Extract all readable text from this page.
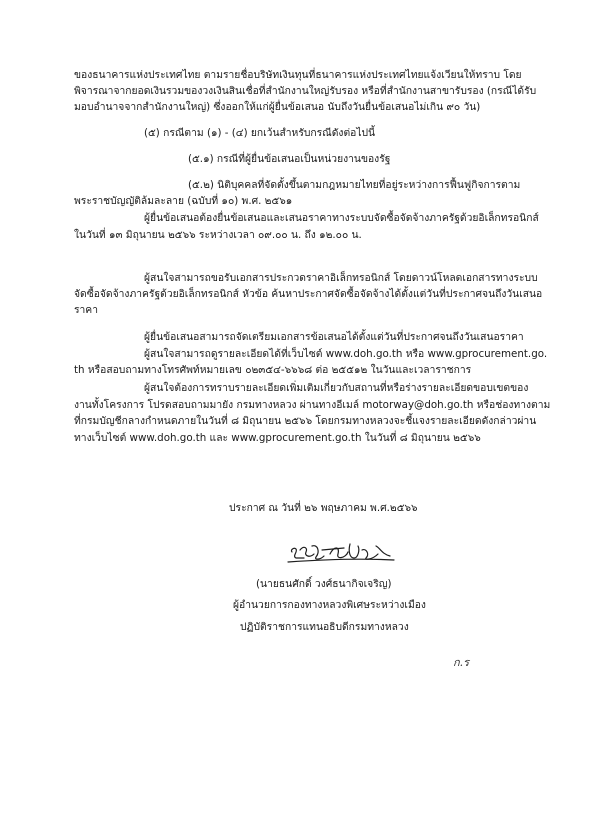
ของธนาคารแห่งประเทศไทย ตามรายชื่อบริษัทเงินทุนที่ธนาคารแห่งประเทศไทยแจ้งเวียนให้ทราบ โดย
พิจารณาจากยอดเงินรวมของวงเงินสินเชื่อที่สำนักงานใหญ่รับรอง หรือที่สำนักงานสาขารับรอง (กรณีได้รับ
มอบอำนาจจากสำนักงานใหญ่) ซึ่งออกให้แก่ผู้ยื่นข้อเสนอ นับถึงวันยื่นข้อเสนอไม่เกิน ๙๐ วัน)
(๕) กรณีตาม (๑) - (๔) ยกเว้นสำหรับกรณีดังต่อไปนี้
(๕.๑) กรณีที่ผู้ยื่นข้อเสนอเป็นหน่วยงานของรัฐ
(๕.๒) นิติบุคคลที่จัดตั้งขึ้นตามกฎหมายไทยที่อยู่ระหว่างการฟื้นฟูกิจการตาม
พระราชบัญญัติล้มละลาย (ฉบับที่ ๑๐) พ.ศ. ๒๕๖๑
ผู้ยื่นข้อเสนอต้องยื่นข้อเสนอและเสนอราคาทางระบบจัดซื้อจัดจ้างภาครัฐด้วยอิเล็กทรอนิกส์
ในวันที่ ๑๓ มิถุนายน ๒๕๖๖ ระหว่างเวลา ๐๙.๐๐ น. ถึง ๑๒.๐๐ น.
ผู้สนใจสามารถขอรับเอกสารประกวดราคาอิเล็กทรอนิกส์ โดยดาวน์โหลดเอกสารทางระบบ
จัดซื้อจัดจ้างภาครัฐด้วยอิเล็กทรอนิกส์ หัวข้อ ค้นหาประกาศจัดซื้อจัดจ้างได้ตั้งแต่วันที่ประกาศจนถึงวันเสนอ
ราคา
ผู้ยื่นข้อเสนอสามารถจัดเตรียมเอกสารข้อเสนอได้ตั้งแต่วันที่ประกาศจนถึงวันเสนอราคา
ผู้สนใจสามารถดูรายละเอียดได้ที่เว็บไซต์ www.doh.go.th หรือ www.gprocurement.go.
th หรือสอบถามทางโทรศัพท์หมายเลข ๐๒๓๕๔-๖๖๖๘ ต่อ ๒๕๕๑๒ ในวันและเวลาราชการ
ผู้สนใจต้องการทราบรายละเอียดเพิ่มเติมเกี่ยวกับสถานที่หรือร่างรายละเอียดขอบเขตของ
งานทั้งโครงการ โปรดสอบถามมายัง กรมทางหลวง ผ่านทางอีเมล์ motorway@doh.go.th หรือช่องทางตาม
ที่กรมบัญชีกลางกำหนดภายในวันที่ ๘ มิถุนายน ๒๕๖๖ โดยกรมทางหลวงจะชี้แจงรายละเอียดดังกล่าวผ่าน
ทางเว็บไซต์ www.doh.go.th และ www.gprocurement.go.th ในวันที่ ๘ มิถุนายน ๒๕๖๖
ประกาศ ณ วันที่ ๒๖ พฤษภาคม พ.ศ.๒๕๖๖
(นายธนศักดิ์ วงศ์ธนากิจเจริญ)
ผู้อำนวยการกองทางหลวงพิเศษระหว่างเมือง
ปฏิบัติราชการแทนอธิบดีกรมทางหลวง
ก.ร
